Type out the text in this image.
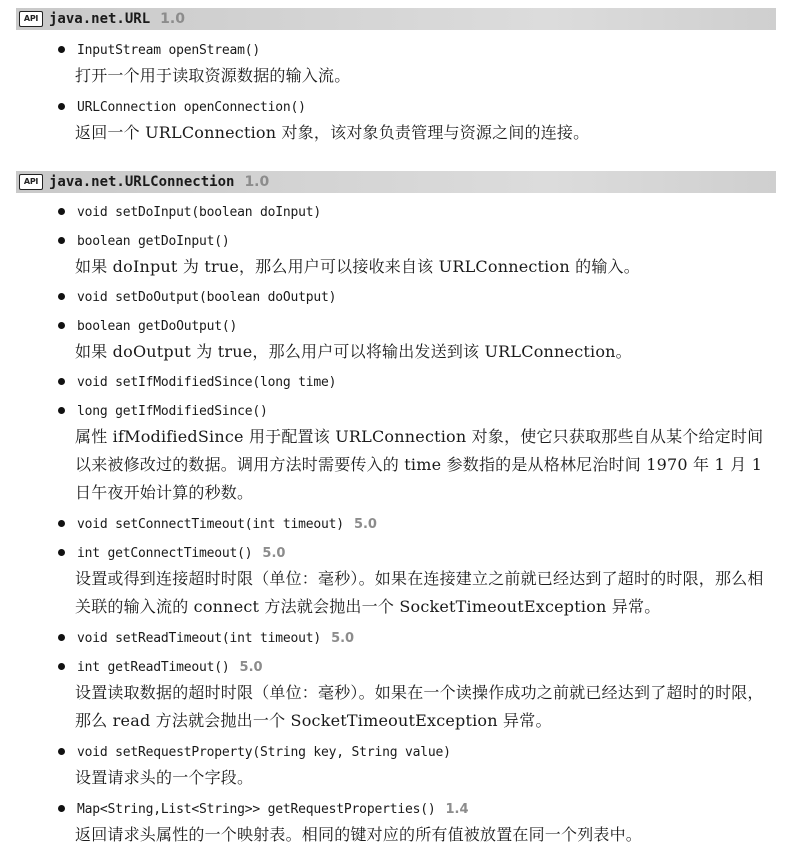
API java.net.URL 1.0
InputStream openStream()
打开一个用于读取资源数据的输入流。
URLConnection openConnection()
返回一个 URLConnection 对象，该对象负责管理与资源之间的连接。
API java.net.URLConnection 1.0
void setDoInput(boolean doInput)
boolean getDoInput()
如果 doInput 为 true，那么用户可以接收来自该 URLConnection 的输入。
void setDoOutput(boolean doOutput)
boolean getDoOutput()
如果 doOutput 为 true，那么用户可以将输出发送到该 URLConnection。
void setIfModifiedSince(long time)
long getIfModifiedSince()
属性 ifModifiedSince 用于配置该 URLConnection 对象，使它只获取那些自从某个给定时间以来被修改过的数据。调用方法时需要传入的 time 参数指的是从格林尼治时间 1970 年 1 月 1 日午夜开始计算的秒数。
void setConnectTimeout(int timeout) 5.0
int getConnectTimeout() 5.0
设置或得到连接超时时限（单位：毫秒）。如果在连接建立之前就已经达到了超时的时限，那么相关联的输入流的 connect 方法就会抛出一个 SocketTimeoutException 异常。
void setReadTimeout(int timeout) 5.0
int getReadTimeout() 5.0
设置读取数据的超时时限（单位：毫秒）。如果在一个读操作成功之前就已经达到了超时的时限，那么 read 方法就会抛出一个 SocketTimeoutException 异常。
void setRequestProperty(String key, String value)
设置请求头的一个字段。
Map<String,List<String>> getRequestProperties() 1.4
返回请求头属性的一个映射表。相同的键对应的所有值被放置在同一个列表中。
